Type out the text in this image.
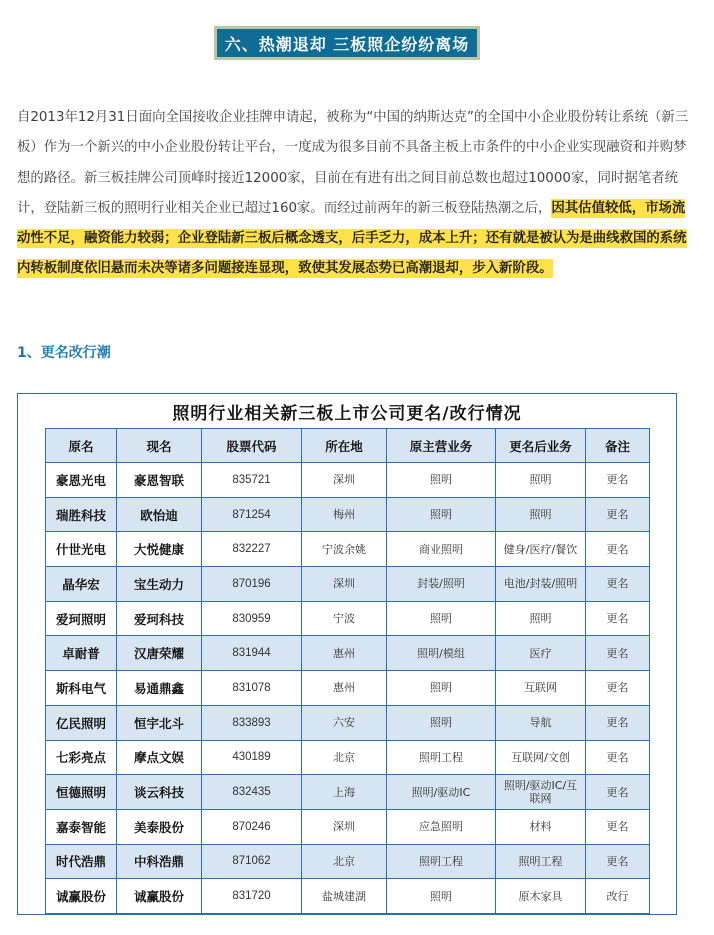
六、热潮退却 三板照企纷纷离场

自2013年12月31日面向全国接收企业挂牌申请起，被称为“中国的纳斯达克”的全国中小企业股份转让系统（新三板）作为一个新兴的中小企业股份转让平台，一度成为很多目前不具备主板上市条件的中小企业实现融资和并购梦想的路径。新三板挂牌公司顶峰时接近12000家，目前在有进有出之间目前总数也超过10000家，同时据笔者统计，登陆新三板的照明行业相关企业已超过160家。而经过前两年的新三板登陆热潮之后，因其估值较低，市场流动性不足，融资能力较弱；企业登陆新三板后概念透支，后手乏力，成本上升；还有就是被认为是曲线救国的系统内转板制度依旧悬而未决等诸多问题接连显现，致使其发展态势已高潮退却，步入新阶段。

1、更名改行潮
照明行业相关新三板上市公司更名/改行情况
原名	现名	股票代码	所在地	原主营业务	更名后业务	备注
豪恩光电	豪恩智联	835721	深圳	照明	照明	更名
瑞胜科技	欧怡迪	871254	梅州	照明	照明	更名
什世光电	大悦健康	832227	宁波余姚	商业照明	健身/医疗/餐饮	更名
晶华宏	宝生动力	870196	深圳	封装/照明	电池/封装/照明	更名
爱珂照明	爱珂科技	830959	宁波	照明	照明	更名
卓耐普	汉唐荣耀	831944	惠州	照明/模组	医疗	更名
斯科电气	易通鼎鑫	831078	惠州	照明	互联网	更名
亿民照明	恒宇北斗	833893	六安	照明	导航	更名
七彩亮点	摩点文娱	430189	北京	照明工程	互联网/文创	更名
恒德照明	谈云科技	832435	上海	照明/驱动IC	照明/驱动IC/互联网	更名
嘉泰智能	美泰股份	870246	深圳	应急照明	材料	更名
时代浩鼎	中科浩鼎	871062	北京	照明工程	照明工程	更名
诚赢股份	诚赢股份	831720	盐城建湖	照明	原木家具	改行
